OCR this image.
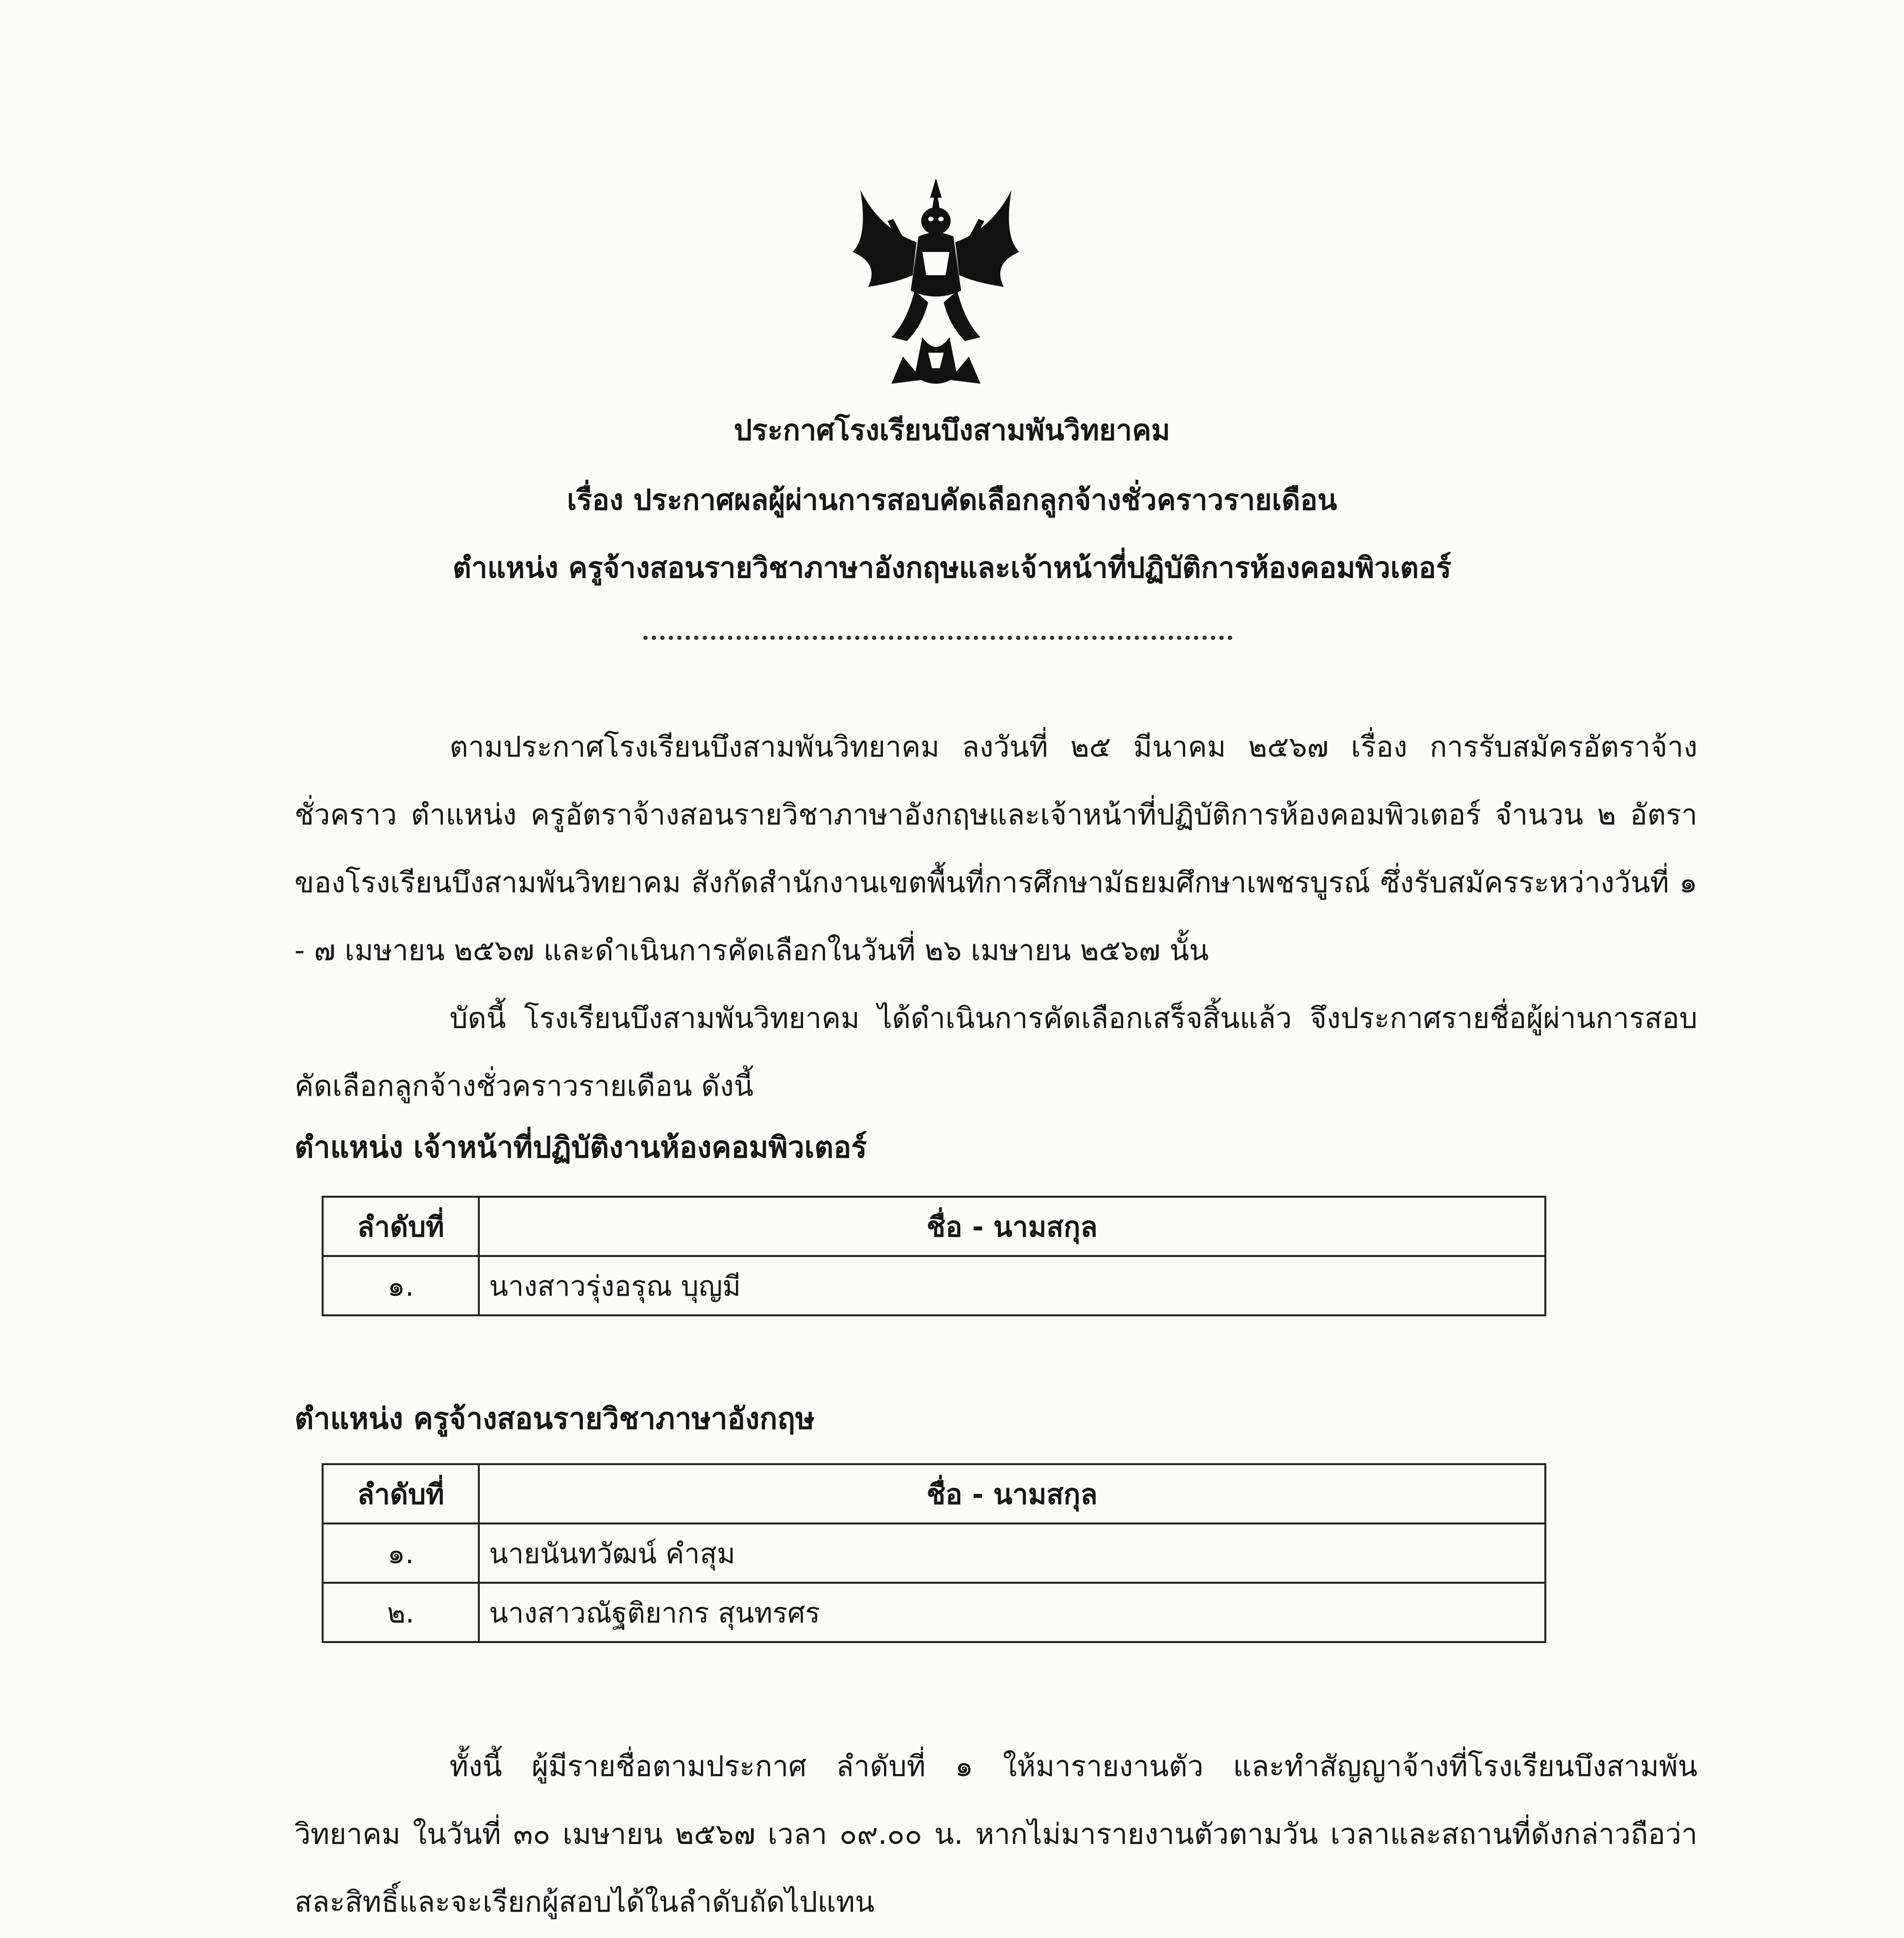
ประกาศโรงเรียนบึงสามพันวิทยาคม
เรื่อง ประกาศผลผู้ผ่านการสอบคัดเลือกลูกจ้างชั่วคราวรายเดือน
ตำแหน่ง ครูจ้างสอนรายวิชาภาษาอังกฤษและเจ้าหน้าที่ปฏิบัติการห้องคอมพิวเตอร์

ตามประกาศโรงเรียนบึงสามพันวิทยาคม ลงวันที่ ๒๕ มีนาคม ๒๕๖๗ เรื่อง การรับสมัครอัตราจ้างชั่วคราว ตำแหน่ง ครูอัตราจ้างสอนรายวิชาภาษาอังกฤษและเจ้าหน้าที่ปฏิบัติการห้องคอมพิวเตอร์ จำนวน ๒ อัตรา ของโรงเรียนบึงสามพันวิทยาคม สังกัดสำนักงานเขตพื้นที่การศึกษามัธยมศึกษาเพชรบูรณ์ ซึ่งรับสมัครระหว่างวันที่ ๑ - ๗ เมษายน ๒๕๖๗ และดำเนินการคัดเลือกในวันที่ ๒๖ เมษายน ๒๕๖๗ นั้น

บัดนี้ โรงเรียนบึงสามพันวิทยาคม ได้ดำเนินการคัดเลือกเสร็จสิ้นแล้ว จึงประกาศรายชื่อผู้ผ่านการสอบคัดเลือกลูกจ้างชั่วคราวรายเดือน ดังนี้

ตำแหน่ง เจ้าหน้าที่ปฏิบัติงานห้องคอมพิวเตอร์
ลำดับที่	ชื่อ - นามสกุล
๑.	นางสาวรุ่งอรุณ บุญมี
ตำแหน่ง ครูจ้างสอนรายวิชาภาษาอังกฤษ
ลำดับที่	ชื่อ - นามสกุล
๑.	นายนันทวัฒน์ คำสุม
๒.	นางสาวณัฐติยากร สุนทรศร

ทั้งนี้ ผู้มีรายชื่อตามประกาศ ลำดับที่ ๑ ให้มารายงานตัว และทำสัญญาจ้างที่โรงเรียนบึงสามพันวิทยาคม ในวันที่ ๓๐ เมษายน ๒๕๖๗ เวลา ๐๙.๐๐ น. หากไม่มารายงานตัวตามวัน เวลาและสถานที่ดังกล่าวถือว่าสละสิทธิ์และจะเรียกผู้สอบได้ในลำดับถัดไปแทน
